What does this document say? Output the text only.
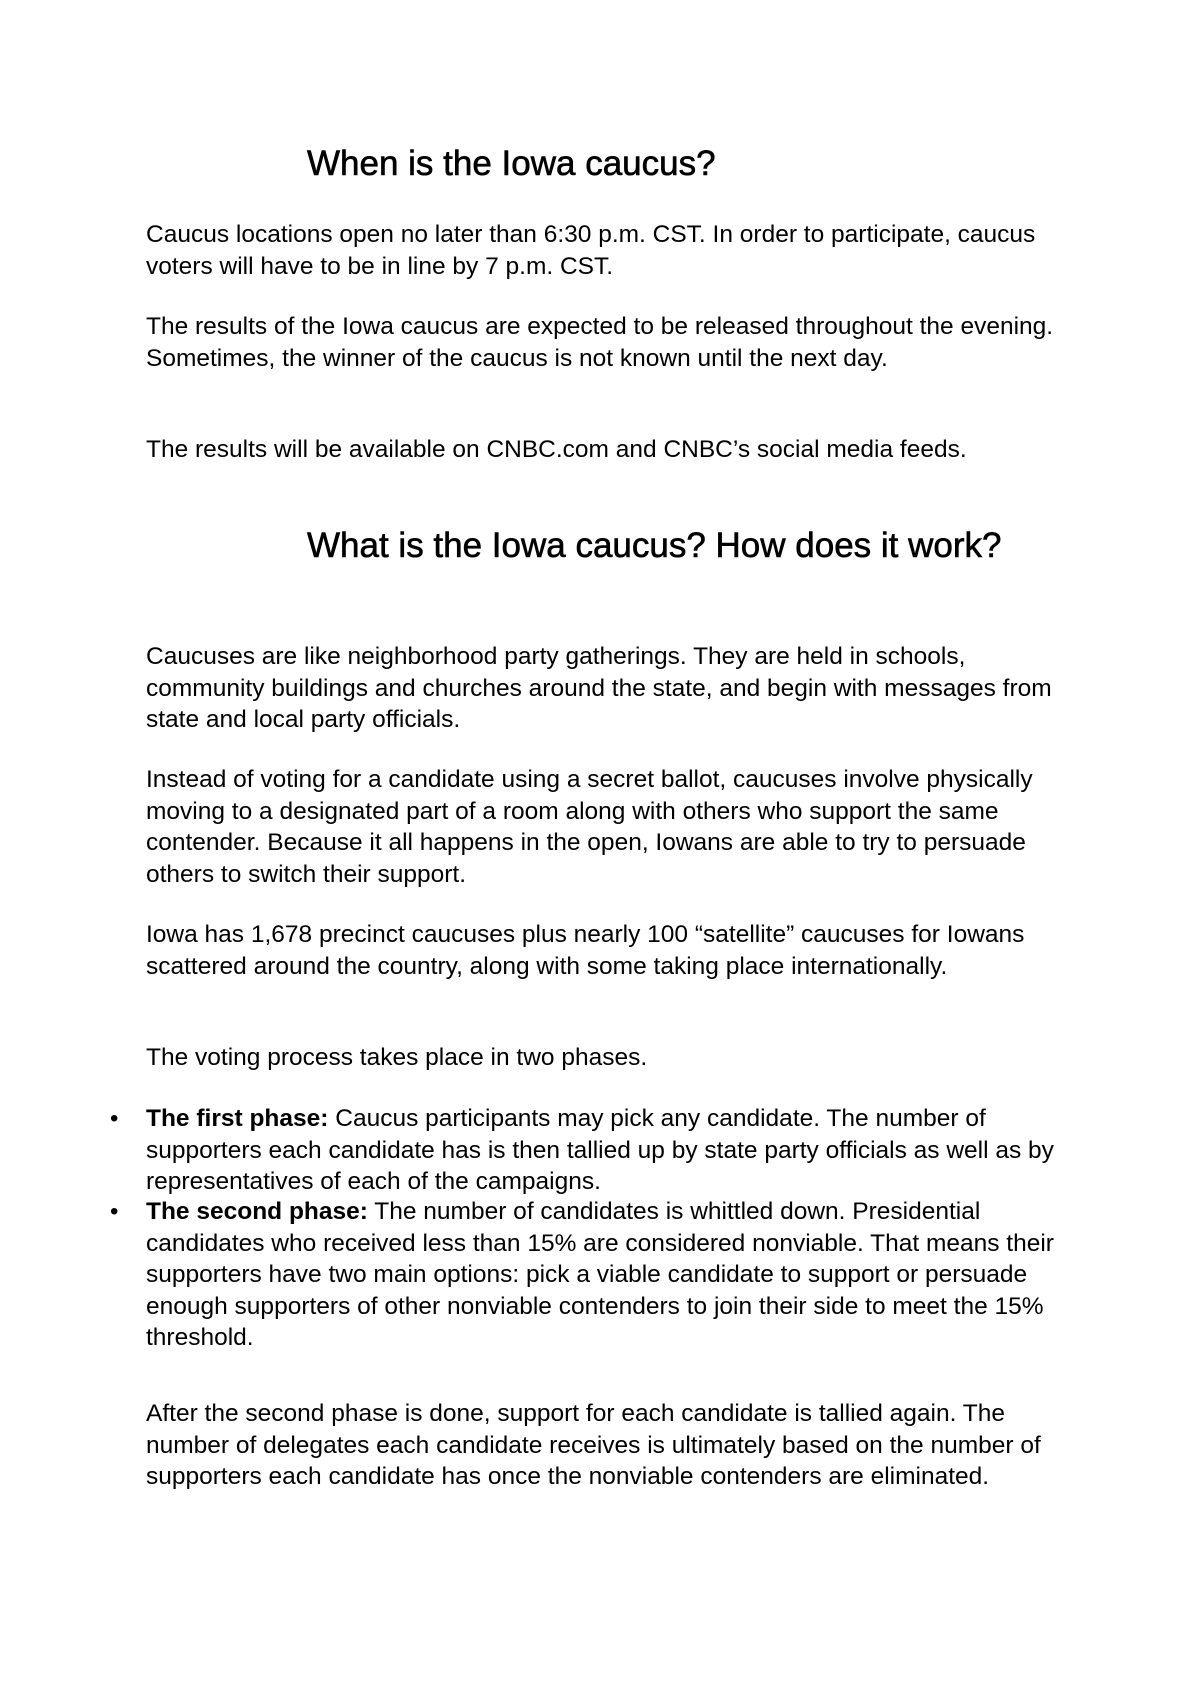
When is the Iowa caucus?

Caucus locations open no later than 6:30 p.m. CST. In order to participate, caucus voters will have to be in line by 7 p.m. CST.

The results of the Iowa caucus are expected to be released throughout the evening. Sometimes, the winner of the caucus is not known until the next day.

The results will be available on CNBC.com and CNBC’s social media feeds.

What is the Iowa caucus? How does it work?

Caucuses are like neighborhood party gatherings. They are held in schools, community buildings and churches around the state, and begin with messages from state and local party officials.

Instead of voting for a candidate using a secret ballot, caucuses involve physically moving to a designated part of a room along with others who support the same contender. Because it all happens in the open, Iowans are able to try to persuade others to switch their support.

Iowa has 1,678 precinct caucuses plus nearly 100 “satellite” caucuses for Iowans scattered around the country, along with some taking place internationally.

The voting process takes place in two phases.

• The first phase: Caucus participants may pick any candidate. The number of supporters each candidate has is then tallied up by state party officials as well as by representatives of each of the campaigns.

• The second phase: The number of candidates is whittled down. Presidential candidates who received less than 15% are considered nonviable. That means their supporters have two main options: pick a viable candidate to support or persuade enough supporters of other nonviable contenders to join their side to meet the 15% threshold.

After the second phase is done, support for each candidate is tallied again. The number of delegates each candidate receives is ultimately based on the number of supporters each candidate has once the nonviable contenders are eliminated.
